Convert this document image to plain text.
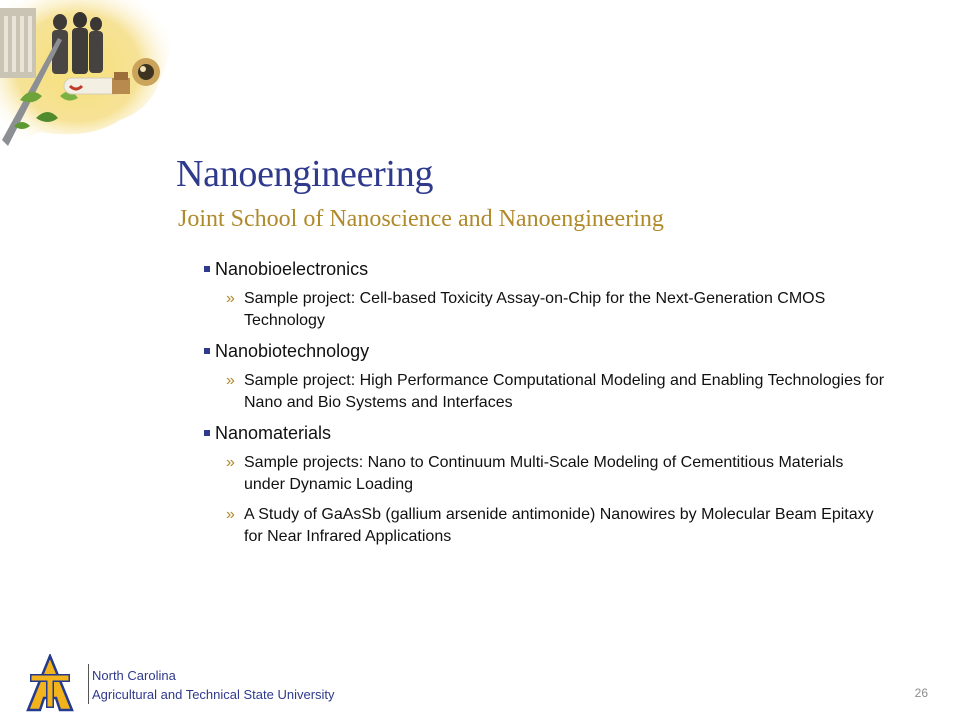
Nanoengineering
Joint School of Nanoscience and Nanoengineering
Nanobioelectronics
» Sample project: Cell-based Toxicity Assay-on-Chip for the Next-Generation CMOS Technology
Nanobiotechnology
» Sample project: High Performance Computational Modeling and Enabling Technologies for Nano and Bio Systems and Interfaces
Nanomaterials
» Sample projects: Nano to Continuum Multi-Scale Modeling of Cementitious Materials under Dynamic Loading
» A Study of GaAsSb (gallium arsenide antimonide) Nanowires by Molecular Beam Epitaxy for Near Infrared Applications
North Carolina
Agricultural and Technical State University	26
